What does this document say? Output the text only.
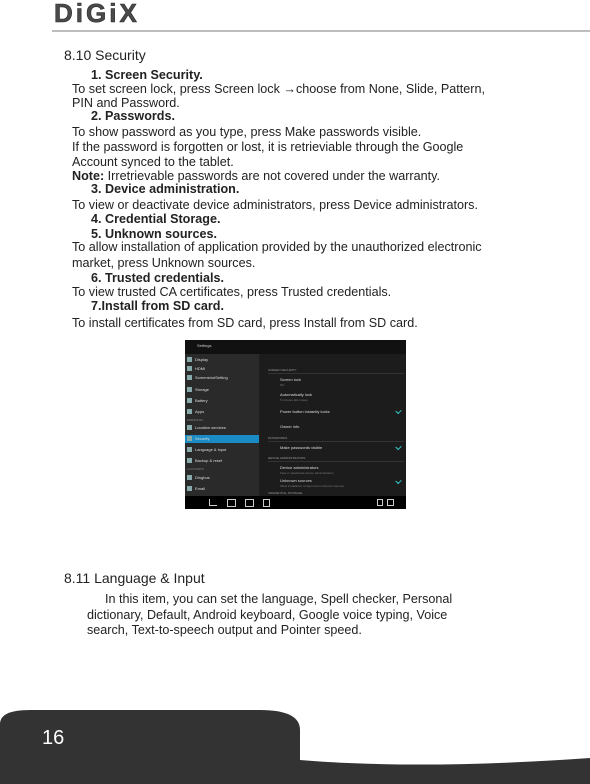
DiGiX
8.10 Security
1. Screen Security.
To set screen lock, press Screen lock →choose from None, Slide, Pattern,
PIN and Password.
2. Passwords.
To show password as you type, press Make passwords visible.
If the password is forgotten or lost, it is retrieviable through the Google
Account synced to the tablet.
Note: Irretrievable passwords are not covered under the warranty.
3. Device administration.
To view or deactivate device administrators, press Device administrators.
4. Credential Storage.
5. Unknown sources.
To allow installation of application provided by the unauthorized electronic
market, press Unknown sources.
6. Trusted credentials.
To view trusted CA certificates, press Trusted credentials.
7.Install from SD card.
To install certificates from SD card, press Install from SD card.
Settings
Display
HDMI
ScreenshotSetting
Storage
Battery
Apps
PERSONAL
Location services
Security
Language & input
Backup & reset
ACCOUNTS
Dingbus
Email
SCREEN SECURITY
Screen lock
Pin
Automatically lock
5 minutes after sleep
Power button instantly locks
Owner info
PASSWORDS
Make passwords visible
DEVICE ADMINISTRATION
Device administrators
View or deactivate device administrators
Unknown sources
Allow installation of apps from unknown sources
CREDENTIAL STORAGE
8.11 Language & Input
In this item, you can set the language, Spell checker, Personal
dictionary, Default, Android keyboard, Google voice typing, Voice
search, Text-to-speech output and Pointer speed.
16
